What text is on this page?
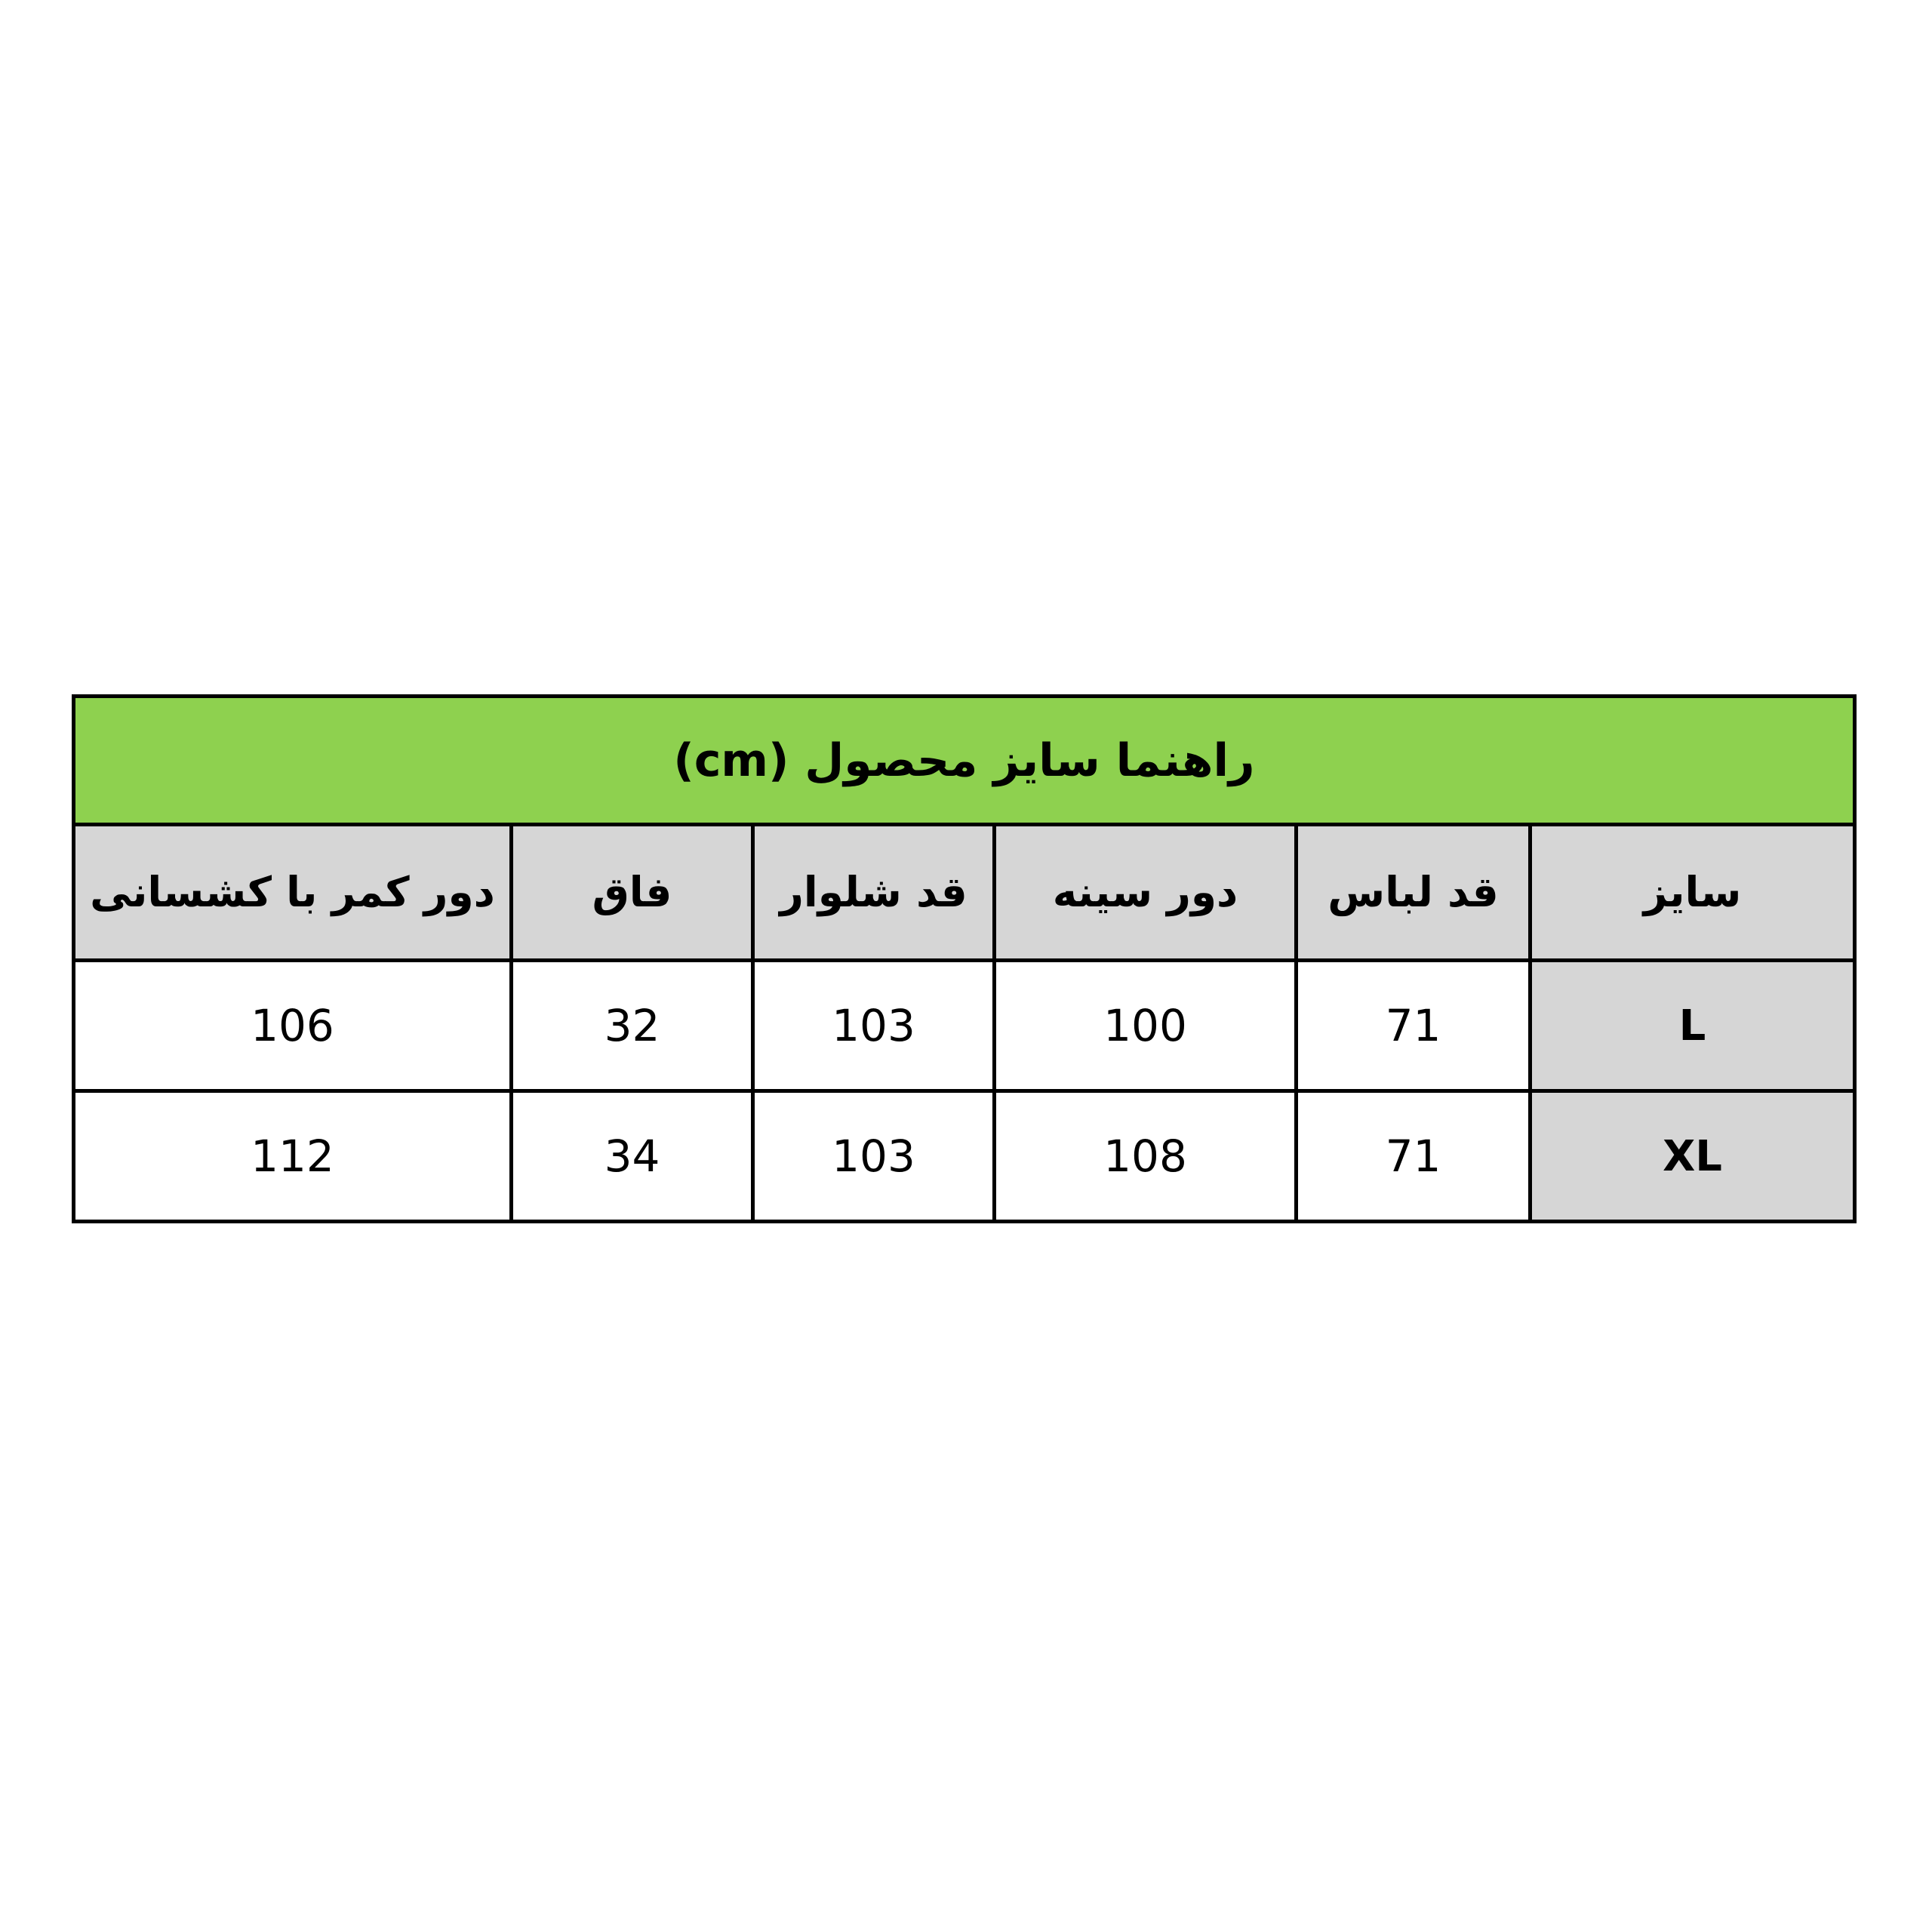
راهنما سایز محصول (cm)					
سایز	قد لباس	دور سینه	قد شلوار	فاق	دور کمر با کشسانی
L	71	100	103	32	106
XL	71	108	103	34	112
